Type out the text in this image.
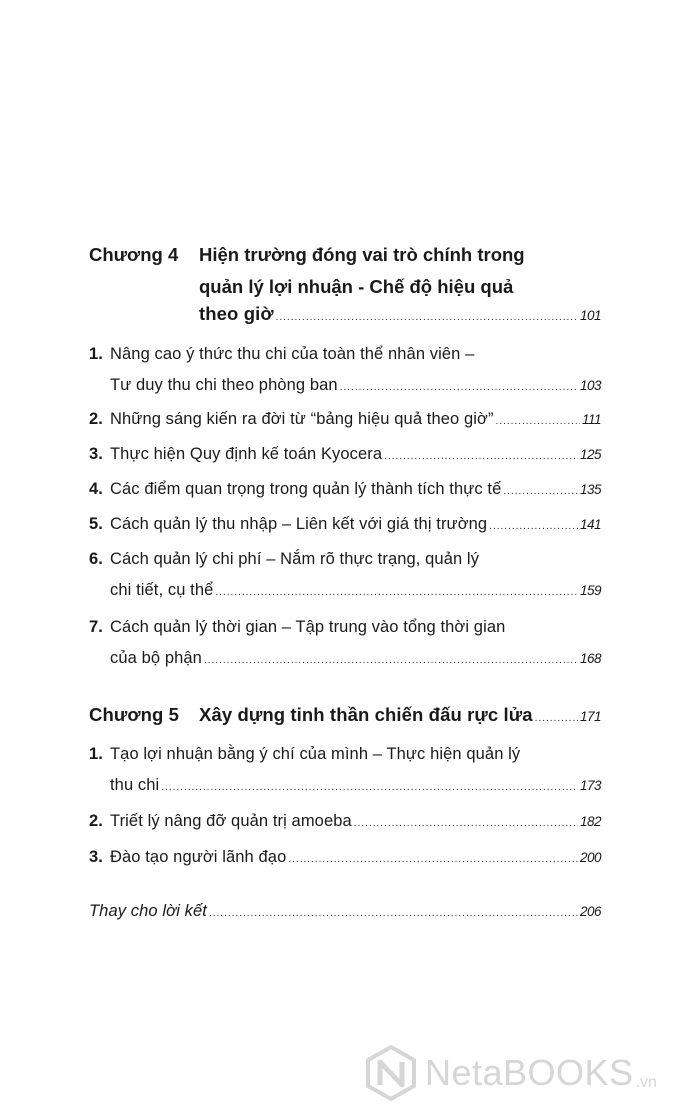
Chương 4 Hiện trường đóng vai trò chính trong
quản lý lợi nhuận - Chế độ hiệu quả
theo giờ .....	101
1. Nâng cao ý thức thu chi của toàn thể nhân viên –
Tư duy thu chi theo phòng ban .....	103
2. Những sáng kiến ra đời từ “bảng hiệu quả theo giờ” .....	111
3. Thực hiện Quy định kế toán Kyocera .....	125
4. Các điểm quan trọng trong quản lý thành tích thực tế .....	135
5. Cách quản lý thu nhập – Liên kết với giá thị trường .....	141
6. Cách quản lý chi phí – Nắm rõ thực trạng, quản lý
chi tiết, cụ thể .....	159
7. Cách quản lý thời gian – Tập trung vào tổng thời gian
của bộ phận .....	168
Chương 5 Xây dựng tinh thần chiến đấu rực lửa .....	171
1. Tạo lợi nhuận bằng ý chí của mình – Thực hiện quản lý
thu chi .....	173
2. Triết lý nâng đỡ quản trị amoeba .....	182
3. Đào tạo người lãnh đạo .....	200
Thay cho lời kết .....	206
NetaBOOKS .vn
